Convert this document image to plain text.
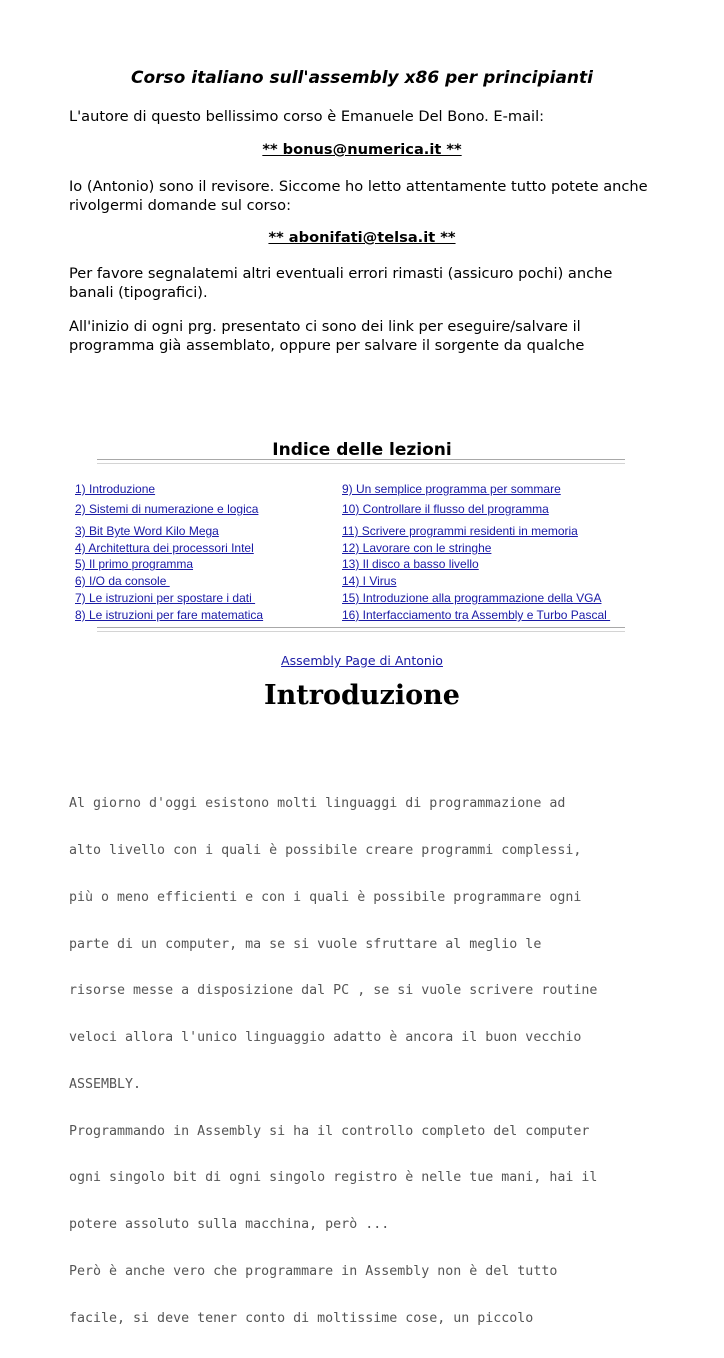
Corso italiano sull'assembly x86 per principianti
L'autore di questo bellissimo corso è Emanuele Del Bono. E-mail:
** bonus@numerica.it **
Io (Antonio) sono il revisore. Siccome ho letto attentamente tutto potete anche
rivolgermi domande sul corso:
** abonifati@telsa.it **
Per favore segnalatemi altri eventuali errori rimasti (assicuro pochi) anche
banali (tipografici).
All'inizio di ogni prg. presentato ci sono dei link per eseguire/salvare il
programma già assemblato, oppure per salvare il sorgente da qualche
Indice delle lezioni
1) Introduzione
2) Sistemi di numerazione e logica
3) Bit Byte Word Kilo Mega
4) Architettura dei processori Intel
5) Il primo programma
6) I/O da console
7) Le istruzioni per spostare i dati
8) Le istruzioni per fare matematica
9) Un semplice programma per sommare
10) Controllare il flusso del programma
11) Scrivere programmi residenti in memoria
12) Lavorare con le stringhe
13) Il disco a basso livello
14) I Virus
15) Introduzione alla programmazione della VGA
16) Interfacciamento tra Assembly e Turbo Pascal
Assembly Page di Antonio
Introduzione

Al giorno d'oggi esistono molti linguaggi di programmazione ad

alto livello con i quali è possibile creare programmi complessi,

più o meno efficienti e con i quali è possibile programmare ogni

parte di un computer, ma se si vuole sfruttare al meglio le

risorse messe a disposizione dal PC , se si vuole scrivere routine

veloci allora l'unico linguaggio adatto è ancora il buon vecchio

ASSEMBLY.

Programmando in Assembly si ha il controllo completo del computer

ogni singolo bit di ogni singolo registro è nelle tue mani, hai il

potere assoluto sulla macchina, però ...

Però è anche vero che programmare in Assembly non è del tutto

facile, si deve tener conto di moltissime cose, un piccolo
